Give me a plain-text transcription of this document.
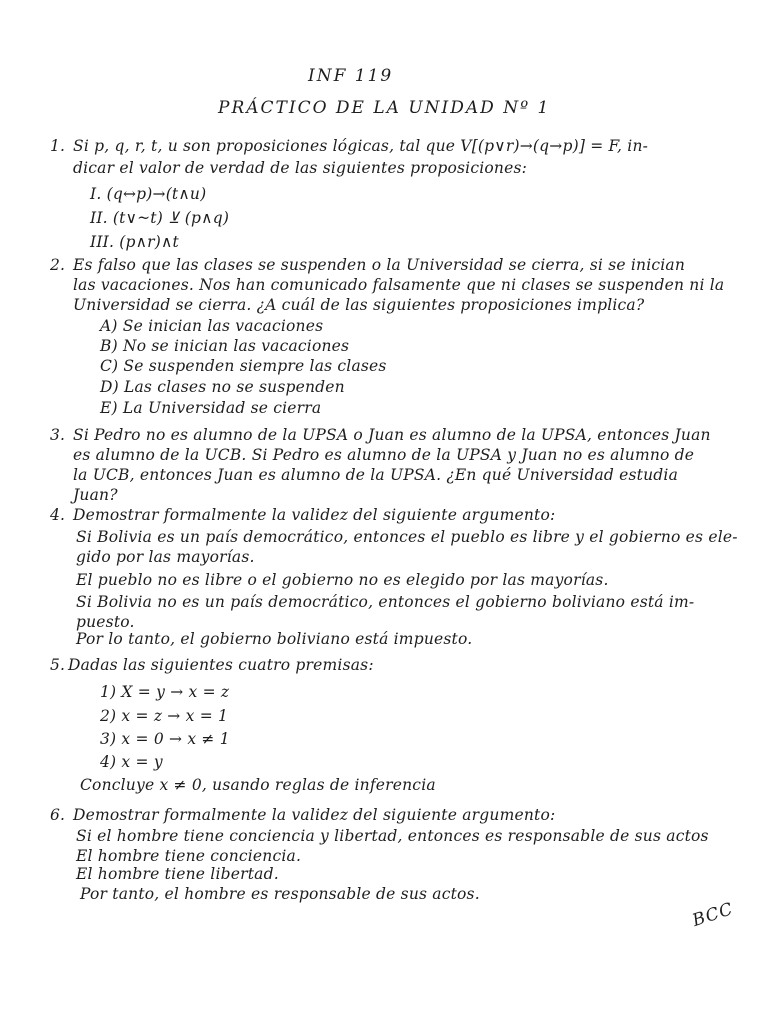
INF 119
PRÁCTICO DE LA UNIDAD Nº 1
1. Si p, q, r, t, u son proposiciones lógicas, tal que V[(p∨r)→(q→p)] = F, in-
dicar el valor de verdad de las siguientes proposiciones:
I. (q↔p)→(t∧u)
II. (t∨~t) ⊻ (p∧q)
III. (p∧r)∧t
2. Es falso que las clases se suspenden o la Universidad se cierra, si se inician
las vacaciones. Nos han comunicado falsamente que ni clases se suspenden ni la
Universidad se cierra. ¿A cuál de las siguientes proposiciones implica?
A) Se inician las vacaciones
B) No se inician las vacaciones
C) Se suspenden siempre las clases
D) Las clases no se suspenden
E) La Universidad se cierra
3. Si Pedro no es alumno de la UPSA o Juan es alumno de la UPSA, entonces Juan
es alumno de la UCB. Si Pedro es alumno de la UPSA y Juan no es alumno de
la UCB, entonces Juan es alumno de la UPSA. ¿En qué Universidad estudia
Juan?
4. Demostrar formalmente la validez del siguiente argumento:
Si Bolivia es un país democrático, entonces el pueblo es libre y el gobierno es ele-
gido por las mayorías.
El pueblo no es libre o el gobierno no es elegido por las mayorías.
Si Bolivia no es un país democrático, entonces el gobierno boliviano está im-
puesto.
Por lo tanto, el gobierno boliviano está impuesto.
5. Dadas las siguientes cuatro premisas:
1) X = y → x = z
2) x = z → x = 1
3) x = 0 → x ≠ 1
4) x = y
Concluye x ≠ 0, usando reglas de inferencia
6. Demostrar formalmente la validez del siguiente argumento:
Si el hombre tiene conciencia y libertad, entonces es responsable de sus actos
El hombre tiene conciencia.
El hombre tiene libertad.
Por tanto, el hombre es responsable de sus actos.
BCC
